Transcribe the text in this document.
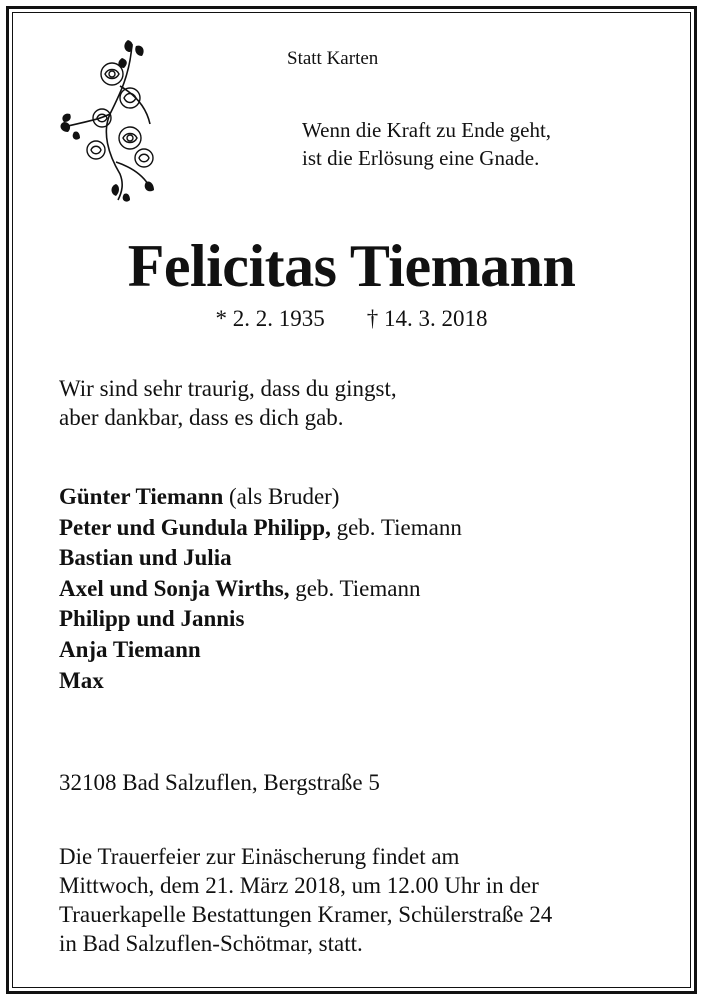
Statt Karten
Wenn die Kraft zu Ende geht,
ist die Erlösung eine Gnade.
Felicitas Tiemann
* 2. 2. 1935 † 14. 3. 2018
Wir sind sehr traurig, dass du gingst,
aber dankbar, dass es dich gab.
Günter Tiemann (als Bruder)
Peter und Gundula Philipp, geb. Tiemann
Bastian und Julia
Axel und Sonja Wirths, geb. Tiemann
Philipp und Jannis
Anja Tiemann
Max
32108 Bad Salzuflen, Bergstraße 5
Die Trauerfeier zur Einäscherung findet am
Mittwoch, dem 21. März 2018, um 12.00 Uhr in der
Trauerkapelle Bestattungen Kramer, Schülerstraße 24
in Bad Salzuflen-Schötmar, statt.
